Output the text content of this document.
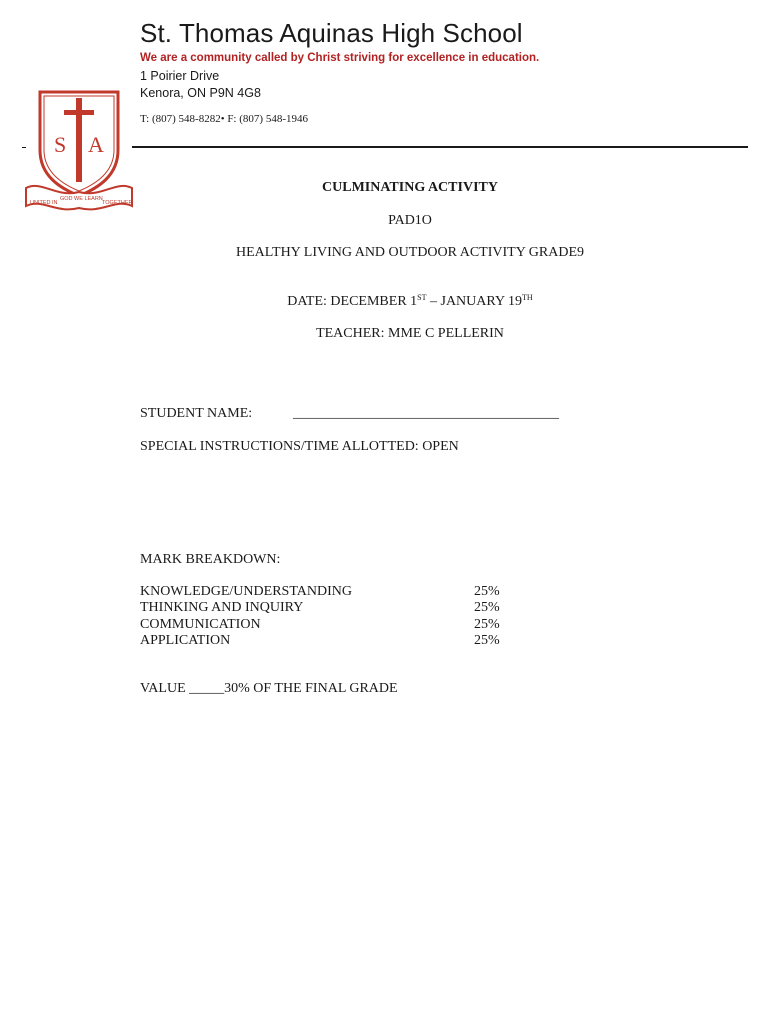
S A
UNITED IN
GOD WE LEARN
TOGETHER
St. Thomas Aquinas High School
We are a community called by Christ striving for excellence in education.
1 Poirier Drive
Kenora, ON P9N 4G8
T: (807) 548-8282• F: (807) 548-1946
CULMINATING ACTIVITY
PAD1O
HEALTHY LIVING AND OUTDOOR ACTIVITY GRADE9
DATE: DECEMBER 1ST – JANUARY 19TH
TEACHER: MME C PELLERIN
STUDENT NAME:	______________________________________
SPECIAL INSTRUCTIONS/TIME ALLOTTED: OPEN
MARK BREAKDOWN:
KNOWLEDGE/UNDERSTANDING	25%
THINKING AND INQUIRY	25%
COMMUNICATION	25%
APPLICATION	25%
VALUE _____30% OF THE FINAL GRADE
